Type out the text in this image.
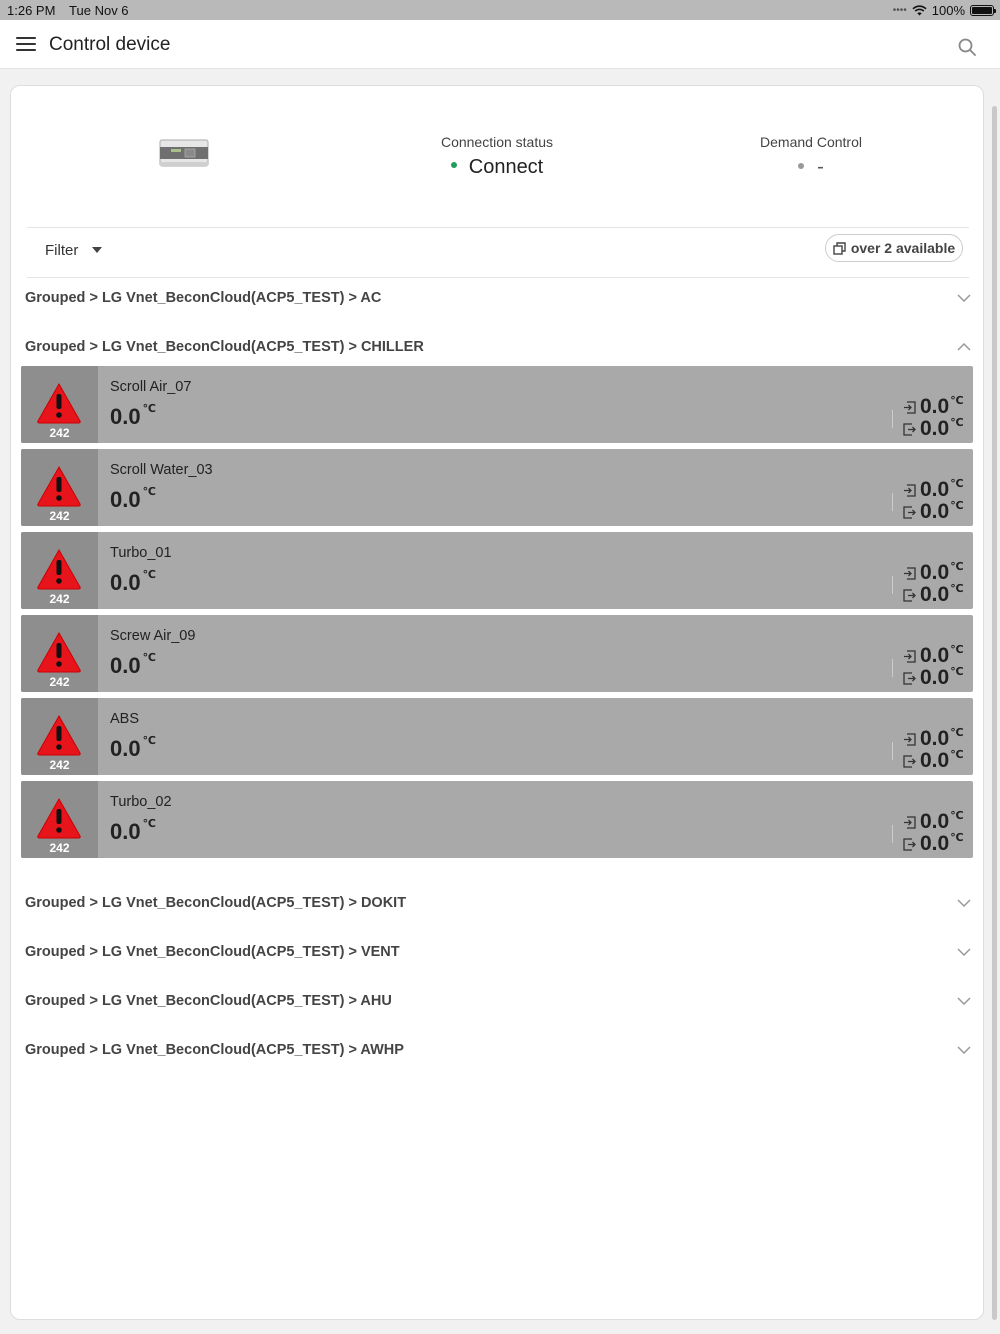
1:26 PM Tue Nov 6	•••• 100%
Control device
Connection status
Connect
Demand Control
-
Filter	over 2 available
Grouped > LG Vnet_BeconCloud(ACP5_TEST) > AC
Grouped > LG Vnet_BeconCloud(ACP5_TEST) > CHILLER
242
Scroll Air_07
0.0 ℃	0.0℃
0.0℃
242
Scroll Water_03
0.0 ℃	0.0℃
0.0℃
242
Turbo_01
0.0 ℃	0.0℃
0.0℃
242
Screw Air_09
0.0 ℃	0.0℃
0.0℃
242
ABS
0.0 ℃	0.0℃
0.0℃
242
Turbo_02
0.0 ℃	0.0℃
0.0℃
Grouped > LG Vnet_BeconCloud(ACP5_TEST) > DOKIT
Grouped > LG Vnet_BeconCloud(ACP5_TEST) > VENT
Grouped > LG Vnet_BeconCloud(ACP5_TEST) > AHU
Grouped > LG Vnet_BeconCloud(ACP5_TEST) > AWHP
